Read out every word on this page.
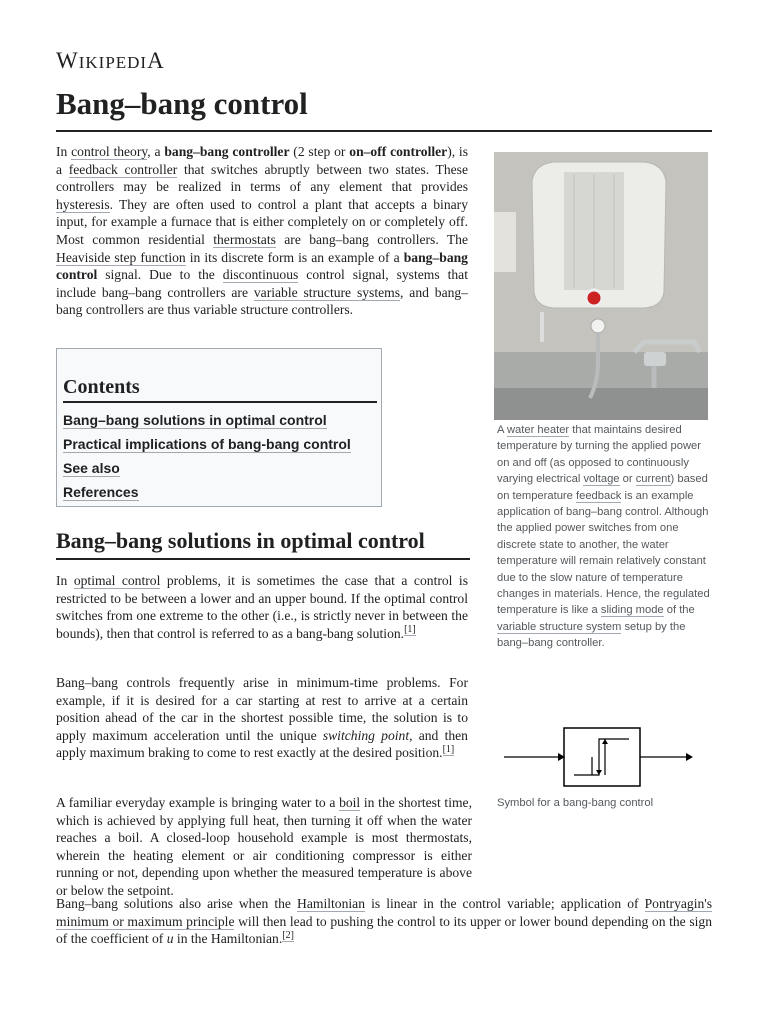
WIKIPEDIA
Bang–bang control
A water heater that maintains desired temperature by turning the applied power on and off (as opposed to continuously varying electrical voltage or current) based on temperature feedback is an example application of bang–bang control. Although the applied power switches from one discrete state to another, the water temperature will remain relatively constant due to the slow nature of temperature changes in materials. Hence, the regulated temperature is like a sliding mode of the variable structure system setup by the bang–bang controller.
Symbol for a bang-bang control

In control theory, a bang–bang controller (2 step or on–off controller), is a feedback controller that switches abruptly between two states. These controllers may be realized in terms of any element that provides hysteresis. They are often used to control a plant that accepts a binary input, for example a furnace that is either completely on or completely off. Most common residential thermostats are bang–bang controllers. The Heaviside step function in its discrete form is an example of a bang–bang control signal. Due to the discontinuous control signal, systems that include bang–bang controllers are variable structure systems, and bang–bang controllers are thus variable structure controllers.

Contents
Bang–bang solutions in optimal control
Practical implications of bang-bang control
See also
References
Bang–bang solutions in optimal control

In optimal control problems, it is sometimes the case that a control is restricted to be between a lower and an upper bound. If the optimal control switches from one extreme to the other (i.e., is strictly never in between the bounds), then that control is referred to as a bang-bang solution.[1]

Bang–bang controls frequently arise in minimum-time problems. For example, if it is desired for a car starting at rest to arrive at a certain position ahead of the car in the shortest possible time, the solution is to apply maximum acceleration until the unique switching point, and then apply maximum braking to come to rest exactly at the desired position.[1]

A familiar everyday example is bringing water to a boil in the shortest time, which is achieved by applying full heat, then turning it off when the water reaches a boil. A closed-loop household example is most thermostats, wherein the heating element or air conditioning compressor is either running or not, depending upon whether the measured temperature is above or below the setpoint.

Bang–bang solutions also arise when the Hamiltonian is linear in the control variable; application of Pontryagin's minimum or maximum principle will then lead to pushing the control to its upper or lower bound depending on the sign of the coefficient of u in the Hamiltonian.[2]
